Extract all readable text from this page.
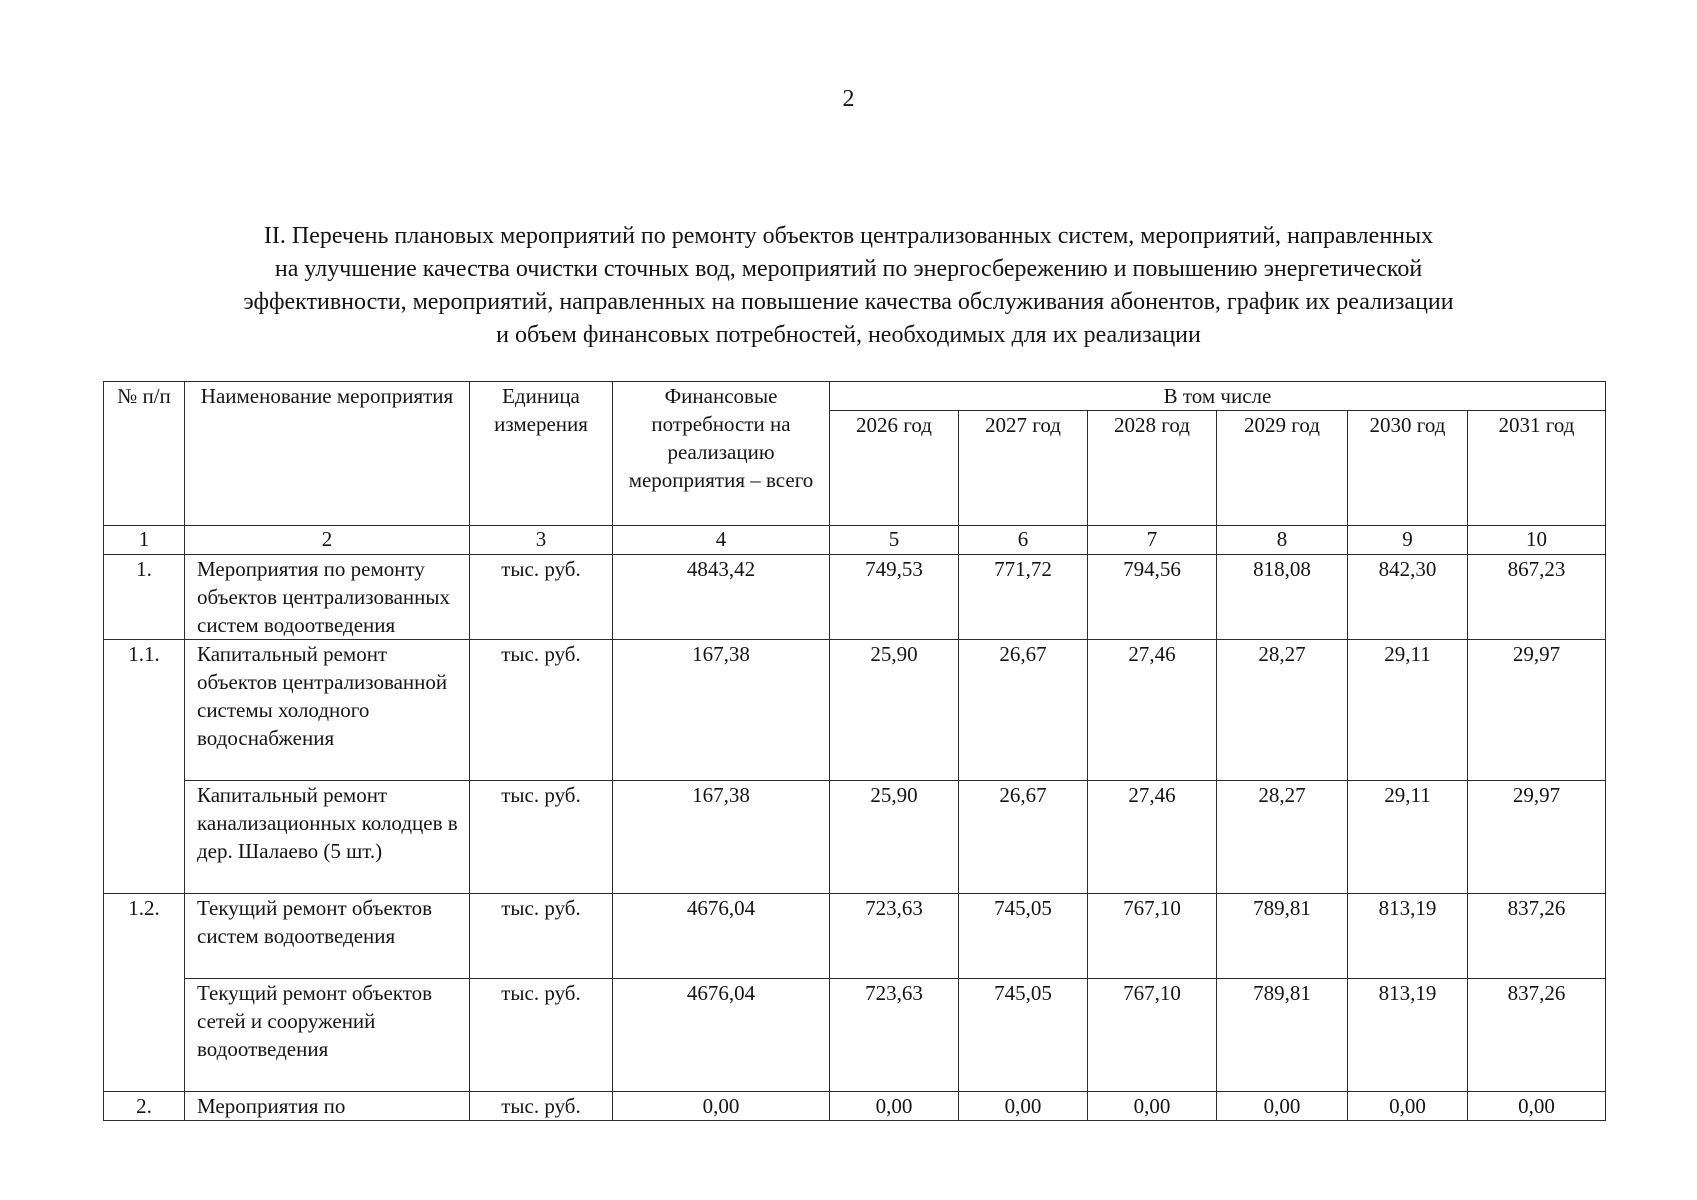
2
II. Перечень плановых мероприятий по ремонту объектов централизованных систем, мероприятий, направленных
на улучшение качества очистки сточных вод, мероприятий по энергосбережению и повышению энергетической
эффективности, мероприятий, направленных на повышение качества обслуживания абонентов, график их реализации
и объем финансовых потребностей, необходимых для их реализации
№ п/п	Наименование мероприятия	Единица измерения	Финансовые потребности на реализацию мероприятия – всего	В том числе					
				2026 год	2027 год	2028 год	2029 год	2030 год	2031 год
1	2	3	4	5	6	7	8	9	10
1.	Мероприятия по ремонту объектов централизованных систем водоотведения	тыс. руб.	4843,42	749,53	771,72	794,56	818,08	842,30	867,23
1.1.	Капитальный ремонт объектов централизованной системы холодного водоснабжения	тыс. руб.	167,38	25,90	26,67	27,46	28,27	29,11	29,97
	Капитальный ремонт канализационных колодцев в дер. Шалаево (5 шт.)	тыс. руб.	167,38	25,90	26,67	27,46	28,27	29,11	29,97
1.2.	Текущий ремонт объектов систем водоотведения	тыс. руб.	4676,04	723,63	745,05	767,10	789,81	813,19	837,26
	Текущий ремонт объектов сетей и сооружений водоотведения	тыс. руб.	4676,04	723,63	745,05	767,10	789,81	813,19	837,26
2.	Мероприятия по	тыс. руб.	0,00	0,00	0,00	0,00	0,00	0,00	0,00
